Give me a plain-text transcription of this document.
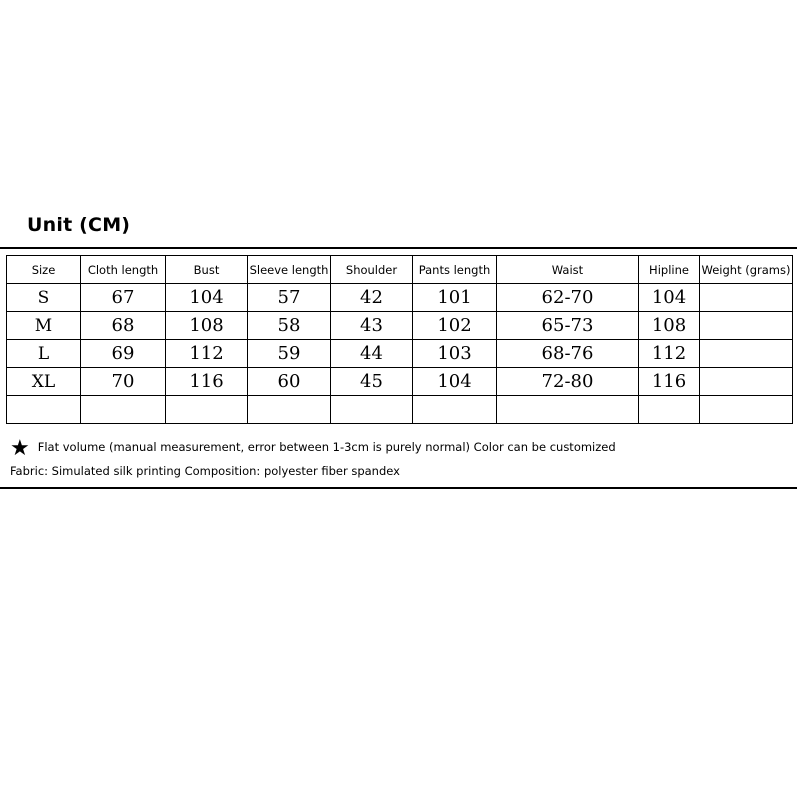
Unit (CM)
Size	Cloth length	Bust	Sleeve length	Shoulder	Pants length	Waist	Hipline	Weight (grams)
S	67	104	57	42	101	62-70	104	
M	68	108	58	43	102	65-73	108	
L	69	112	59	44	103	68-76	112	
XL	70	116	60	45	104	72-80	116	

★ Flat volume (manual measurement, error between 1-3cm is purely normal) Color can be customized
Fabric: Simulated silk printing Composition: polyester fiber spandex
